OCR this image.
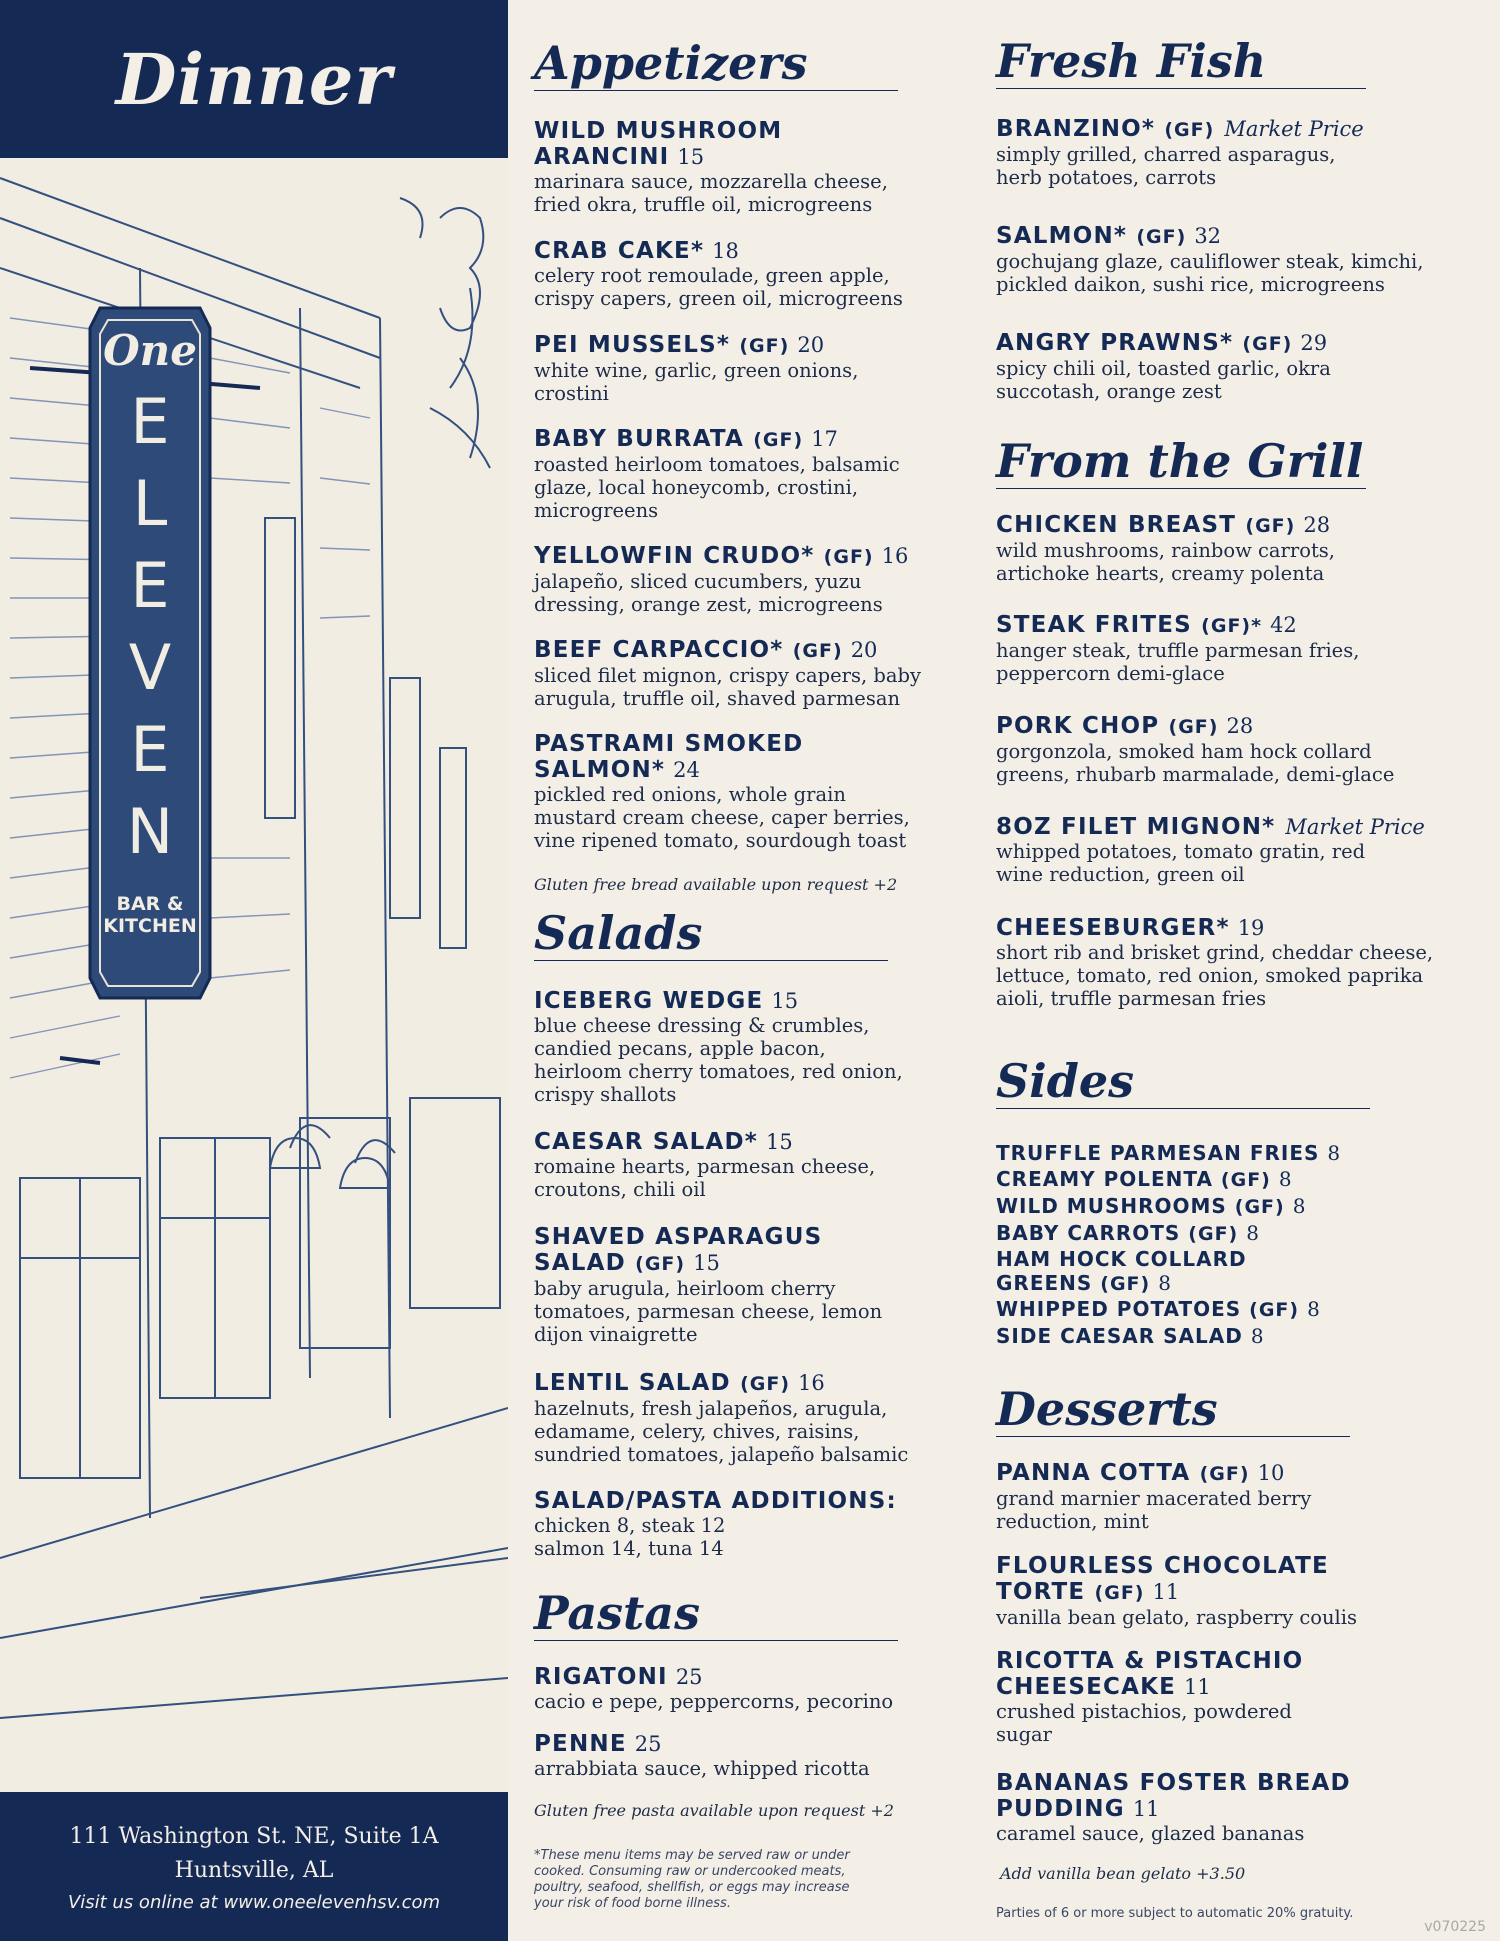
Dinner
One
E
L
E
V
E
N
BAR &
KITCHEN
111 Washington St. NE, Suite 1A
Huntsville, AL
Visit us online at www.oneelevenhsv.com
Appetizers
WILD MUSHROOM
ARANCINI 15
marinara sauce, mozzarella cheese,
fried okra, truffle oil, microgreens
CRAB CAKE* 18
celery root remoulade, green apple,
crispy capers, green oil, microgreens
PEI MUSSELS* (GF) 20
white wine, garlic, green onions,
crostini
BABY BURRATA (GF) 17
roasted heirloom tomatoes, balsamic
glaze, local honeycomb, crostini,
microgreens
YELLOWFIN CRUDO* (GF) 16
jalapeño, sliced cucumbers, yuzu
dressing, orange zest, microgreens
BEEF CARPACCIO* (GF) 20
sliced filet mignon, crispy capers, baby
arugula, truffle oil, shaved parmesan
PASTRAMI SMOKED
SALMON* 24
pickled red onions, whole grain
mustard cream cheese, caper berries,
vine ripened tomato, sourdough toast
Gluten free bread available upon request +2
Salads
ICEBERG WEDGE 15
blue cheese dressing & crumbles,
candied pecans, apple bacon,
heirloom cherry tomatoes, red onion,
crispy shallots
CAESAR SALAD* 15
romaine hearts, parmesan cheese,
croutons, chili oil
SHAVED ASPARAGUS
SALAD (GF) 15
baby arugula, heirloom cherry
tomatoes, parmesan cheese, lemon
dijon vinaigrette
LENTIL SALAD (GF) 16
hazelnuts, fresh jalapeños, arugula,
edamame, celery, chives, raisins,
sundried tomatoes, jalapeño balsamic
SALAD/PASTA ADDITIONS:
chicken 8, steak 12
salmon 14, tuna 14
Pastas
RIGATONI 25
cacio e pepe, peppercorns, pecorino
PENNE 25
arrabbiata sauce, whipped ricotta
Gluten free pasta available upon request +2
*These menu items may be served raw or under
cooked. Consuming raw or undercooked meats,
poultry, seafood, shellfish, or eggs may increase
your risk of food borne illness.
Fresh Fish
BRANZINO* (GF) Market Price
simply grilled, charred asparagus,
herb potatoes, carrots
SALMON* (GF) 32
gochujang glaze, cauliflower steak, kimchi,
pickled daikon, sushi rice, microgreens
ANGRY PRAWNS* (GF) 29
spicy chili oil, toasted garlic, okra
succotash, orange zest
From the Grill
CHICKEN BREAST (GF) 28
wild mushrooms, rainbow carrots,
artichoke hearts, creamy polenta
STEAK FRITES (GF)* 42
hanger steak, truffle parmesan fries,
peppercorn demi-glace
PORK CHOP (GF) 28
gorgonzola, smoked ham hock collard
greens, rhubarb marmalade, demi-glace
8OZ FILET MIGNON* Market Price
whipped potatoes, tomato gratin, red
wine reduction, green oil
CHEESEBURGER* 19
short rib and brisket grind, cheddar cheese,
lettuce, tomato, red onion, smoked paprika
aioli, truffle parmesan fries
Sides
TRUFFLE PARMESAN FRIES 8
CREAMY POLENTA (GF) 8
WILD MUSHROOMS (GF) 8
BABY CARROTS (GF) 8
HAM HOCK COLLARD
GREENS (GF) 8
WHIPPED POTATOES (GF) 8
SIDE CAESAR SALAD 8
Desserts
PANNA COTTA (GF) 10
grand marnier macerated berry
reduction, mint
FLOURLESS CHOCOLATE
TORTE (GF) 11
vanilla bean gelato, raspberry coulis
RICOTTA & PISTACHIO
CHEESECAKE 11
crushed pistachios, powdered
sugar
BANANAS FOSTER BREAD
PUDDING 11
caramel sauce, glazed bananas
Add vanilla bean gelato +3.50
Parties of 6 or more subject to automatic 20% gratuity.
v070225
